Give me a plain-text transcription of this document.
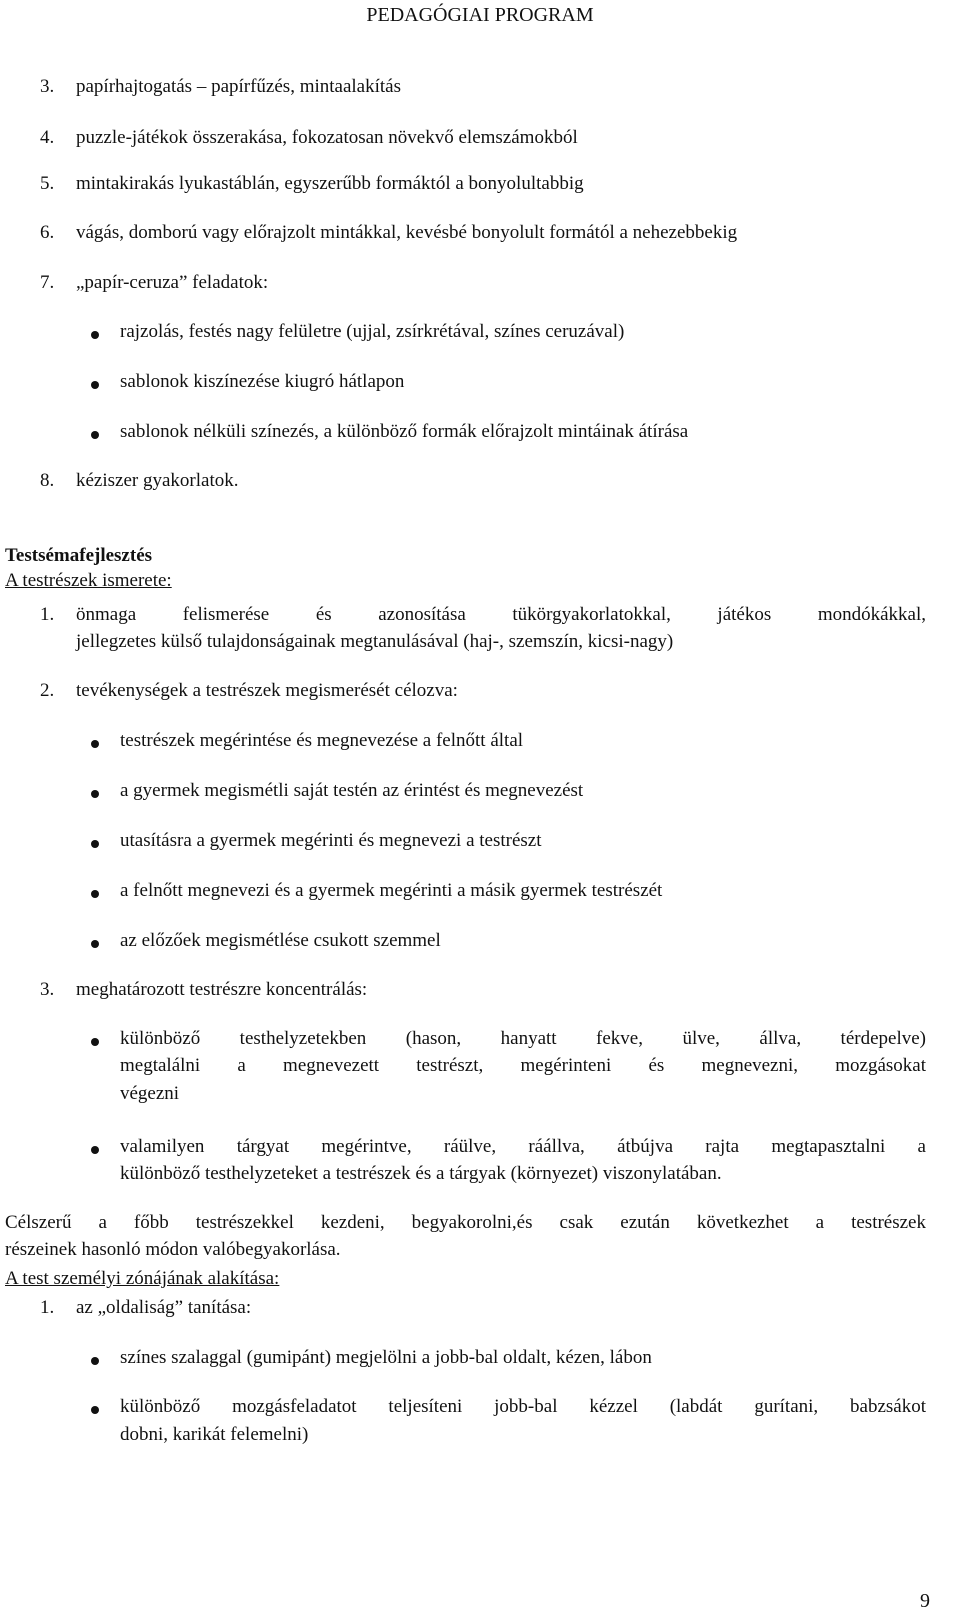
PEDAGÓGIAI PROGRAM
3. papírhajtogatás – papírfűzés, mintaalakítás
4. puzzle-játékok összerakása, fokozatosan növekvő elemszámokból
5. mintakirakás lyukastáblán, egyszerűbb formáktól a bonyolultabbig
6. vágás, domború vagy előrajzolt mintákkal, kevésbé bonyolult formától a nehezebbekig
7. „papír-ceruza” feladatok:
rajzolás, festés nagy felületre (ujjal, zsírkrétával, színes ceruzával)
sablonok kiszínezése kiugró hátlapon
sablonok nélküli színezés, a különböző formák előrajzolt mintáinak átírása
8. kéziszer gyakorlatok.
Testsémafejlesztés
A testrészek ismerete:
1. önmaga felismerése és azonosítása tükörgyakorlatokkal, játékos mondókákkal,
jellegzetes külső tulajdonságainak megtanulásával (haj-, szemszín, kicsi-nagy)
2. tevékenységek a testrészek megismerését célozva:
testrészek megérintése és megnevezése a felnőtt által
a gyermek megismétli saját testén az érintést és megnevezést
utasításra a gyermek megérinti és megnevezi a testrészt
a felnőtt megnevezi és a gyermek megérinti a másik gyermek testrészét
az előzőek megismétlése csukott szemmel
3. meghatározott testrészre koncentrálás:
különböző testhelyzetekben (hason, hanyatt fekve, ülve, állva, térdepelve)
megtalálni a megnevezett testrészt, megérinteni és megnevezni, mozgásokat
végezni
valamilyen tárgyat megérintve, ráülve, ráállva, átbújva rajta megtapasztalni a
különböző testhelyzeteket a testrészek és a tárgyak (környezet) viszonylatában.
Célszerű a főbb testrészekkel kezdeni, begyakorolni,és csak ezután következhet a testrészek
részeinek hasonló módon valóbegyakorlása.
A test személyi zónájának alakítása:
1. az „oldaliság” tanítása:
színes szalaggal (gumipánt) megjelölni a jobb-bal oldalt, kézen, lábon
különböző mozgásfeladatot teljesíteni jobb-bal kézzel (labdát gurítani, babzsákot
dobni, karikát felemelni)
9
